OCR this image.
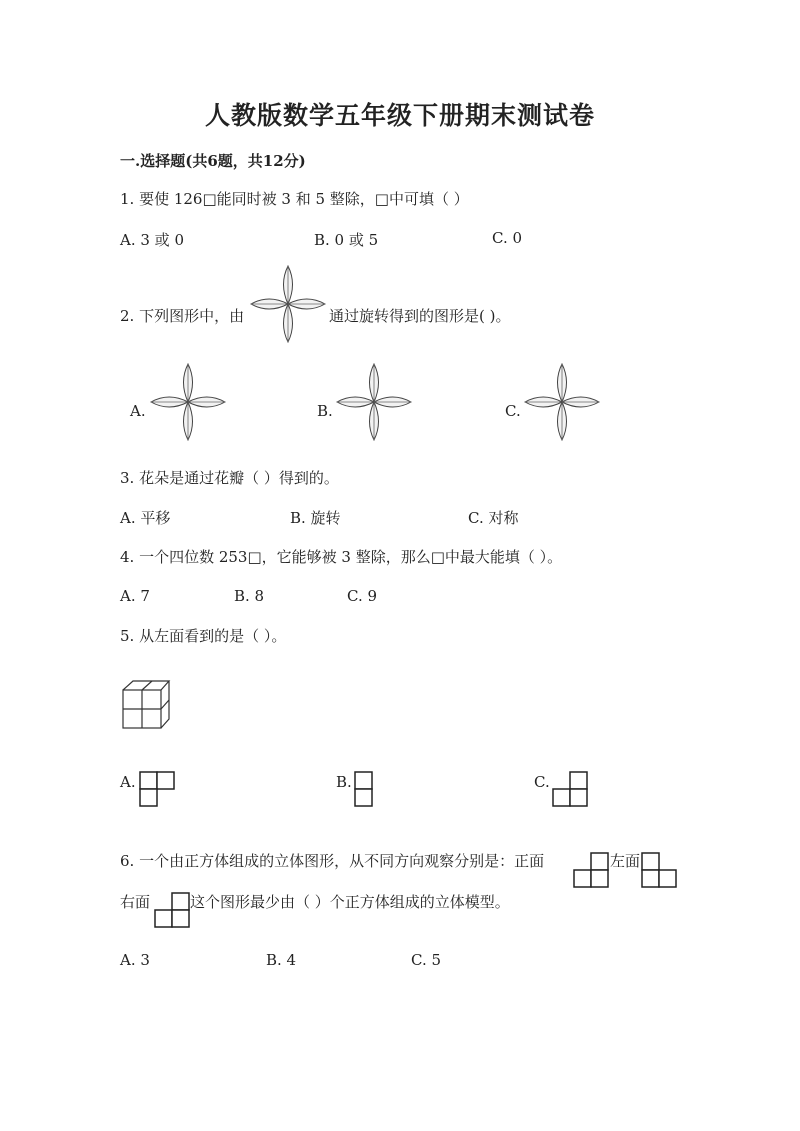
人教版数学五年级下册期末测试卷
一.选择题(共6题，共12分)
1. 要使 126□能同时被 3 和 5 整除，□中可填（ ）
A. 3 或 0	B. 0 或 5	C. 0
2. 下列图形中，由	通过旋转得到的图形是( )。
A.	B.	C.
3. 花朵是通过花瓣（ ）得到的。
A. 平移	B. 旋转	C. 对称
4. 一个四位数 253□，它能够被 3 整除，那么□中最大能填（ ）。
A. 7	B. 8	C. 9
5. 从左面看到的是（ ）。
A.	B.	C.
6. 一个由正方体组成的立体图形，从不同方向观察分别是：正面	左面
右面	这个图形最少由（ ）个正方体组成的立体模型。
A. 3	B. 4	C. 5
